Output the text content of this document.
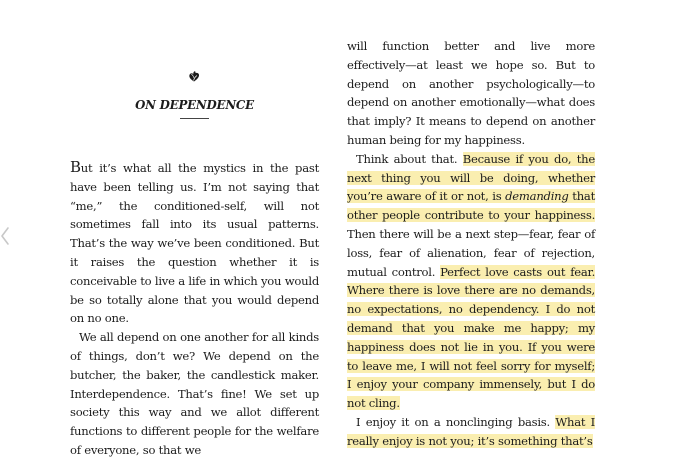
ON DEPENDENCE

But it’s what all the mystics in the past have been telling us. I’m not saying that “me,” the conditioned-self, will not sometimes fall into its usual patterns. That’s the way we’ve been conditioned. But it raises the question whether it is conceivable to live a life in which you would be so totally alone that you would depend on no one.

We all depend on one another for all kinds of things, don’t we? We depend on the butcher, the baker, the candlestick maker. Interdependence. That’s fine! We set up society this way and we allot different functions to different people for the welfare of everyone, so that we

will function better and live more effectively—at least we hope so. But to depend on another psychologically—to depend on another emotionally—what does that imply? It means to depend on another human being for my happiness.

Think about that. Because if you do, the next thing you will be doing, whether you’re aware of it or not, is demanding that other people contribute to your happiness. Then there will be a next step—fear, fear of loss, fear of alienation, fear of rejection, mutual control. Perfect love casts out fear. Where there is love there are no demands, no expectations, no dependency. I do not demand that you make me happy; my happiness does not lie in you. If you were to leave me, I will not feel sorry for myself; I enjoy your company immensely, but I do not cling.

I enjoy it on a nonclinging basis. What I really enjoy is not you; it’s something that’s
